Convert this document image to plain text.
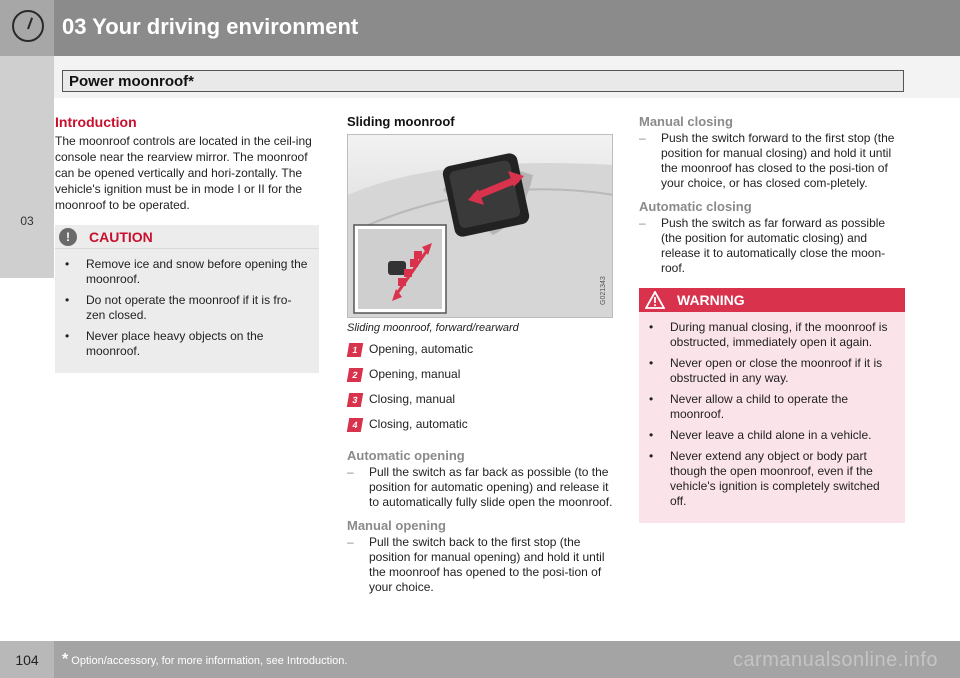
03 Your driving environment
Power moonroof*
03
Introduction

The moonroof controls are located in the ceil-ing console near the rearview mirror. The moonroof can be opened vertically and hori-zontally. The vehicle's ignition must be in mode I or II for the moonroof to be operated.

!	CAUTION
• Remove ice and snow before opening the moonroof.
• Do not operate the moonroof if it is fro-zen closed.
• Never place heavy objects on the moonroof.
Sliding moonroof
G021343
Sliding moonroof, forward/rearward
1 Opening, automatic
2 Opening, manual
3 Closing, manual
4 Closing, automatic
Automatic opening
– Pull the switch as far back as possible (to the position for automatic opening) and release it to automatically fully slide open the moonroof.
Manual opening
– Pull the switch back to the first stop (the position for manual opening) and hold it until the moonroof has opened to the posi-tion of your choice.
Manual closing
– Push the switch forward to the first stop (the position for manual closing) and hold it until the moonroof has closed to the posi-tion of your choice, or has closed com-pletely.
Automatic closing
– Push the switch as far forward as possible (the position for automatic closing) and release it to automatically close the moon-roof.
WARNING
• During manual closing, if the moonroof is obstructed, immediately open it again.
• Never open or close the moonroof if it is obstructed in any way.
• Never allow a child to operate the moonroof.
• Never leave a child alone in a vehicle.
• Never extend any object or body part though the open moonroof, even if the vehicle's ignition is completely switched off.
104	* Option/accessory, for more information, see Introduction.	carmanualsonline.info
